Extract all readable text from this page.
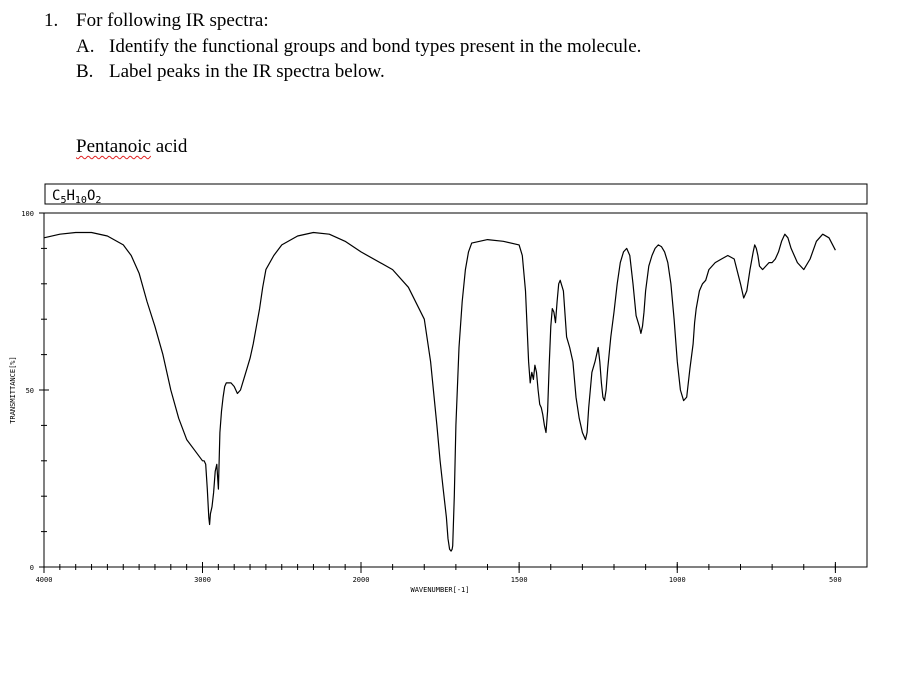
1. For following IR spectra:
A. Identify the functional groups and bond types present in the molecule.
B. Label peaks in the IR spectra below.
Pentanoic acid
C5H10O2
4000	3000	2000	1500	1000	500
0
50
100
WAVENUMBER[-1]
TRANSMITTANCE[%]
